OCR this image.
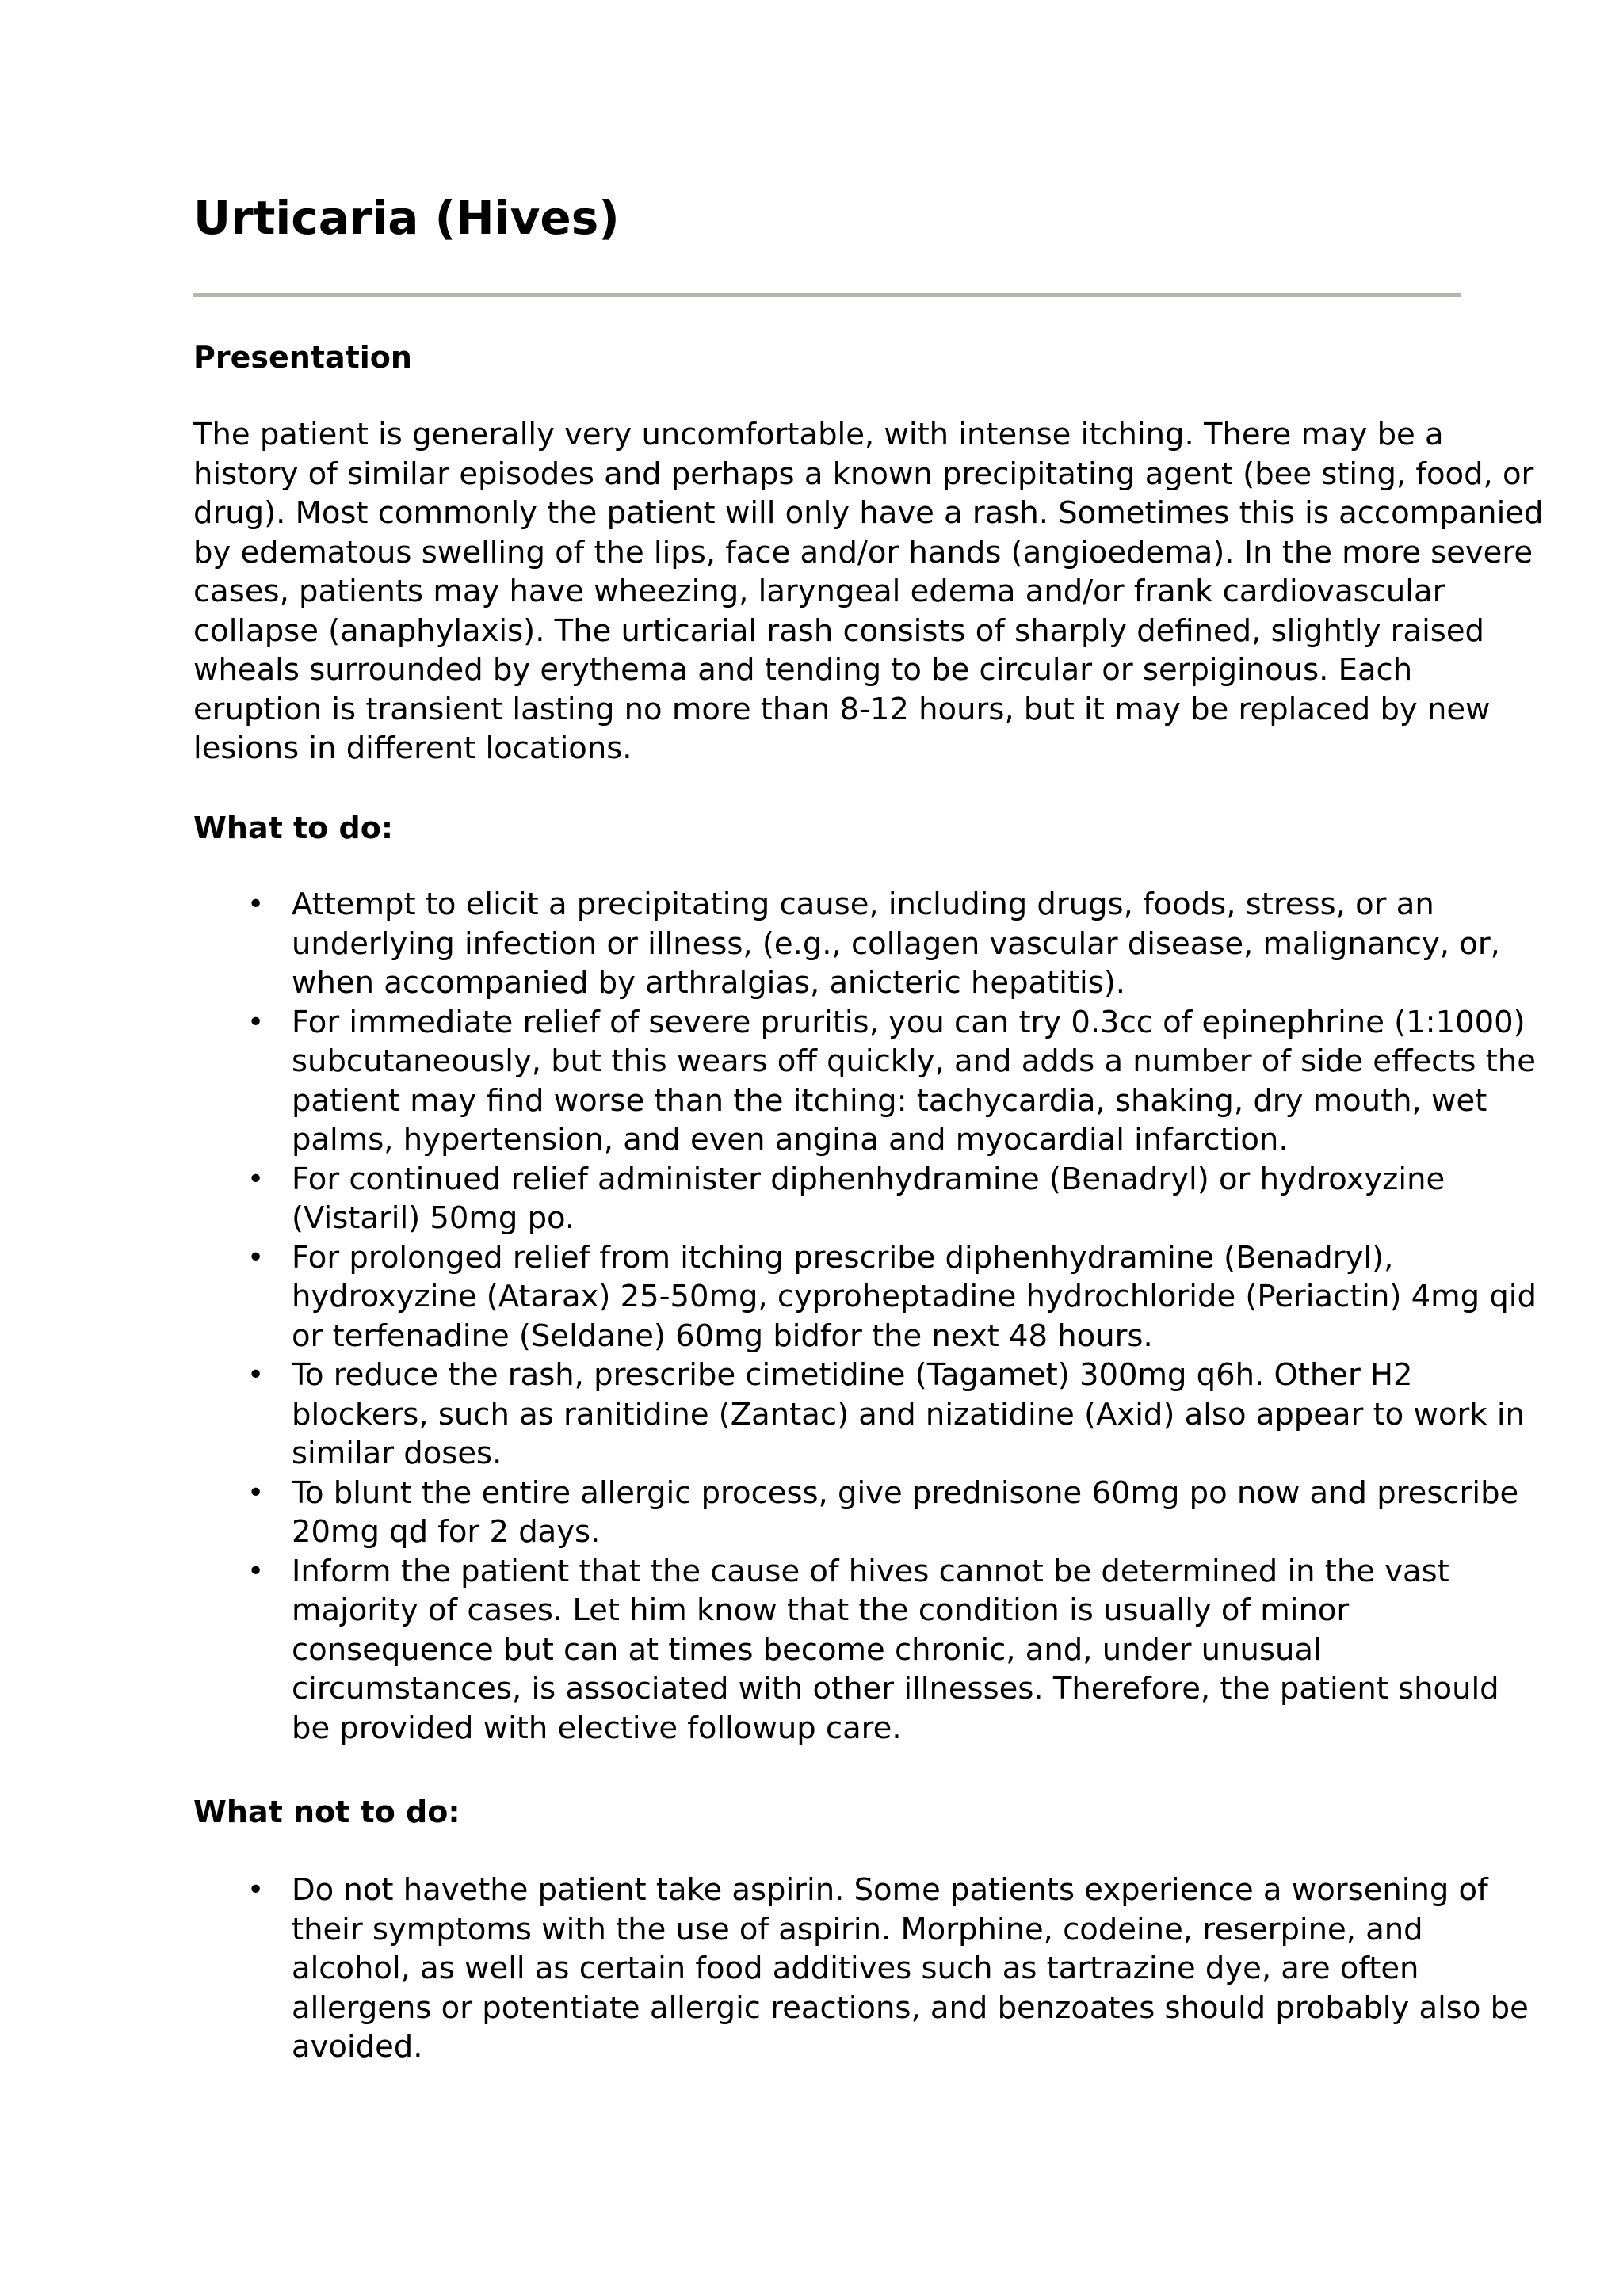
Urticaria (Hives)
Presentation

The patient is generally very uncomfortable, with intense itching. There may be a
history of similar episodes and perhaps a known precipitating agent (bee sting, food, or
drug). Most commonly the patient will only have a rash. Sometimes this is accompanied
by edematous swelling of the lips, face and/or hands (angioedema). In the more severe
cases, patients may have wheezing, laryngeal edema and/or frank cardiovascular
collapse (anaphylaxis). The urticarial rash consists of sharply defined, slightly raised
wheals surrounded by erythema and tending to be circular or serpiginous. Each
eruption is transient lasting no more than 8-12 hours, but it may be replaced by new
lesions in different locations.

What to do:
• Attempt to elicit a precipitating cause, including drugs, foods, stress, or an
underlying infection or illness, (e.g., collagen vascular disease, malignancy, or,
when accompanied by arthralgias, anicteric hepatitis).
• For immediate relief of severe pruritis, you can try 0.3cc of epinephrine (1:1000)
subcutaneously, but this wears off quickly, and adds a number of side effects the
patient may find worse than the itching: tachycardia, shaking, dry mouth, wet
palms, hypertension, and even angina and myocardial infarction.
• For continued relief administer diphenhydramine (Benadryl) or hydroxyzine
(Vistaril) 50mg po.
• For prolonged relief from itching prescribe diphenhydramine (Benadryl),
hydroxyzine (Atarax) 25-50mg, cyproheptadine hydrochloride (Periactin) 4mg qid
or terfenadine (Seldane) 60mg bidfor the next 48 hours.
• To reduce the rash, prescribe cimetidine (Tagamet) 300mg q6h. Other H2
blockers, such as ranitidine (Zantac) and nizatidine (Axid) also appear to work in
similar doses.
• To blunt the entire allergic process, give prednisone 60mg po now and prescribe
20mg qd for 2 days.
• Inform the patient that the cause of hives cannot be determined in the vast
majority of cases. Let him know that the condition is usually of minor
consequence but can at times become chronic, and, under unusual
circumstances, is associated with other illnesses. Therefore, the patient should
be provided with elective followup care.
What not to do:
• Do not havethe patient take aspirin. Some patients experience a worsening of
their symptoms with the use of aspirin. Morphine, codeine, reserpine, and
alcohol, as well as certain food additives such as tartrazine dye, are often
allergens or potentiate allergic reactions, and benzoates should probably also be
avoided.
